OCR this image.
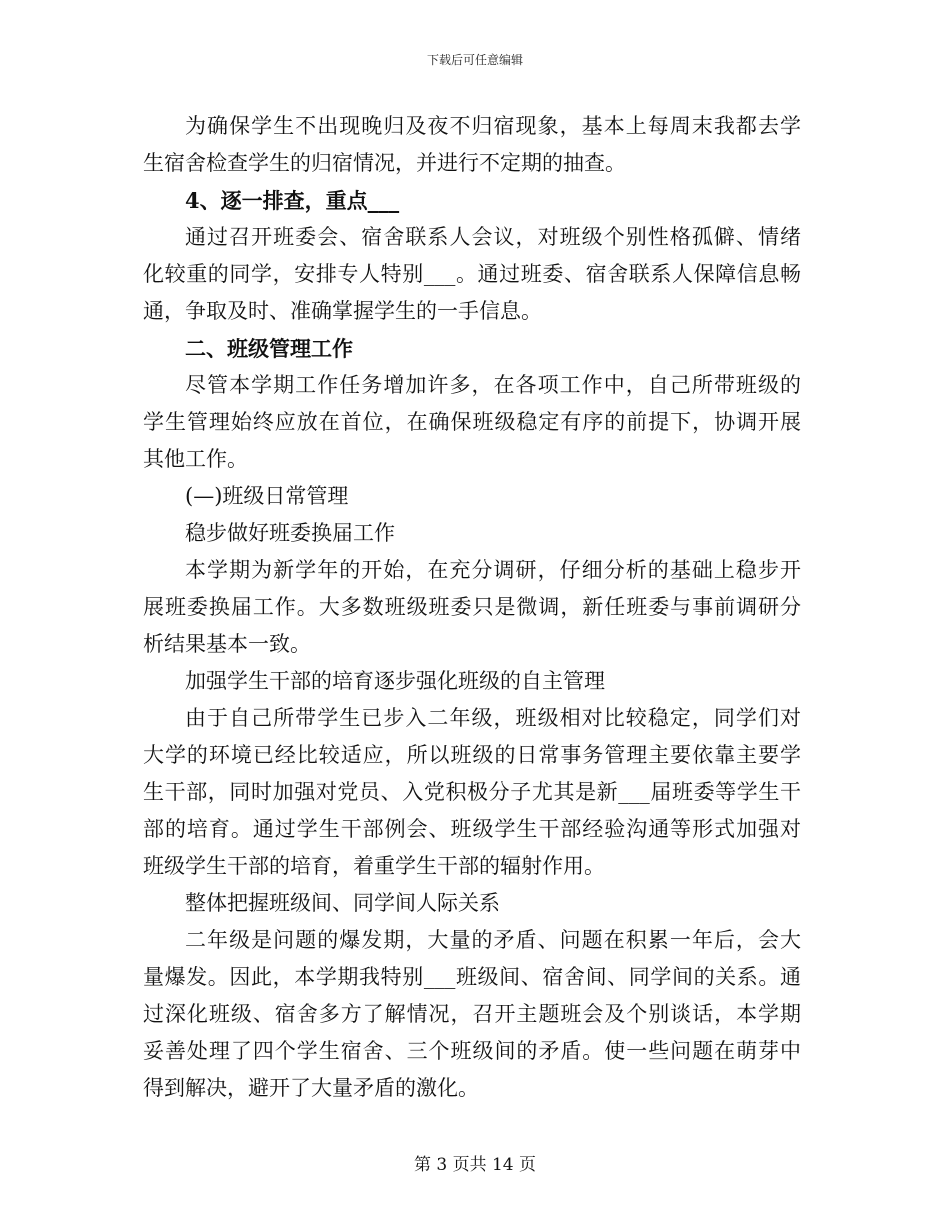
下载后可任意编辑
为确保学生不出现晚归及夜不归宿现象，基本上每周末我都去学
生宿舍检查学生的归宿情况，并进行不定期的抽查。
4、逐一排查，重点___
通过召开班委会、宿舍联系人会议，对班级个别性格孤僻、情绪
化较重的同学，安排专人特别___。通过班委、宿舍联系人保障信息畅
通，争取及时、准确掌握学生的一手信息。
二、班级管理工作
尽管本学期工作任务增加许多，在各项工作中，自己所带班级的
学生管理始终应放在首位，在确保班级稳定有序的前提下，协调开展
其他工作。
(—)班级日常管理
稳步做好班委换届工作
本学期为新学年的开始，在充分调研，仔细分析的基础上稳步开
展班委换届工作。大多数班级班委只是微调，新任班委与事前调研分
析结果基本一致。
加强学生干部的培育逐步强化班级的自主管理
由于自己所带学生已步入二年级，班级相对比较稳定，同学们对
大学的环境已经比较适应，所以班级的日常事务管理主要依靠主要学
生干部，同时加强对党员、入党积极分子尤其是新___届班委等学生干
部的培育。通过学生干部例会、班级学生干部经验沟通等形式加强对
班级学生干部的培育，着重学生干部的辐射作用。
整体把握班级间、同学间人际关系
二年级是问题的爆发期，大量的矛盾、问题在积累一年后，会大
量爆发。因此，本学期我特别___班级间、宿舍间、同学间的关系。通
过深化班级、宿舍多方了解情况，召开主题班会及个别谈话，本学期
妥善处理了四个学生宿舍、三个班级间的矛盾。使一些问题在萌芽中
得到解决，避开了大量矛盾的激化。
第 3 页共 14 页
